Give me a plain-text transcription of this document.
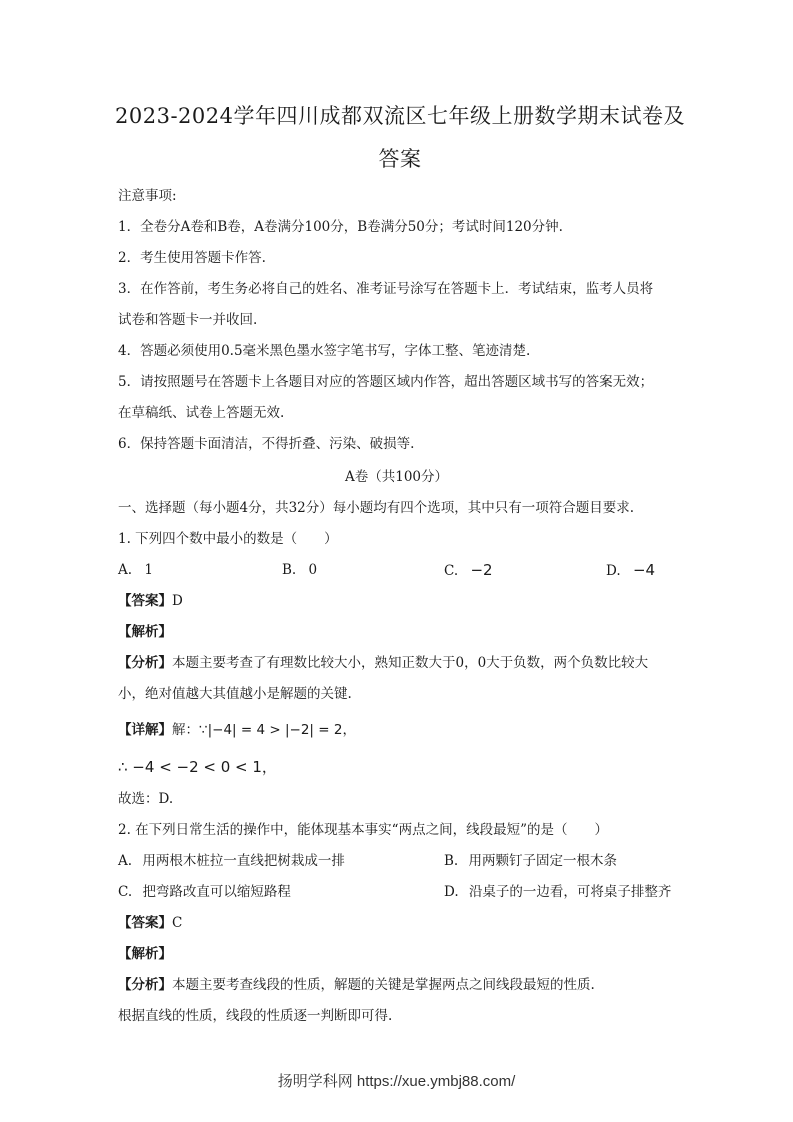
2023-2024学年四川成都双流区七年级上册数学期末试卷及
答案
注意事项:
1．全卷分A卷和B卷，A卷满分100分，B卷满分50分；考试时间120分钟.
2．考生使用答题卡作答.
3．在作答前，考生务必将自己的姓名、准考证号涂写在答题卡上．考试结束，监考人员将
试卷和答题卡一并收回.
4．答题必须使用0.5毫米黑色墨水签字笔书写，字体工整、笔迹清楚.
5．请按照题号在答题卡上各题目对应的答题区域内作答，超出答题区域书写的答案无效；
在草稿纸、试卷上答题无效.
6．保持答题卡面清洁，不得折叠、污染、破损等.
A卷（共100分）
一、选择题（每小题4分，共32分）每小题均有四个选项，其中只有一项符合题目要求.
1. 下列四个数中最小的数是（　　）
A. 1	B. 0	C. −2	D. −4
【答案】D
【解析】
【分析】本题主要考查了有理数比较大小，熟知正数大于0，0大于负数，两个负数比较大
小，绝对值越大其值越小是解题的关键.
【详解】解：∵|−4| = 4 > |−2| = 2，
∴ −4 < −2 < 0 < 1，
故选：D.
2. 在下列日常生活的操作中，能体现基本事实“两点之间，线段最短”的是（　　）
A. 用两根木桩拉一直线把树栽成一排	B. 用两颗钉子固定一根木条
C. 把弯路改直可以缩短路程	D. 沿桌子的一边看，可将桌子排整齐
【答案】C
【解析】
【分析】本题主要考查线段的性质，解题的关键是掌握两点之间线段最短的性质.
根据直线的性质，线段的性质逐一判断即可得.
扬明学科网 https://xue.ymbj88.com/
